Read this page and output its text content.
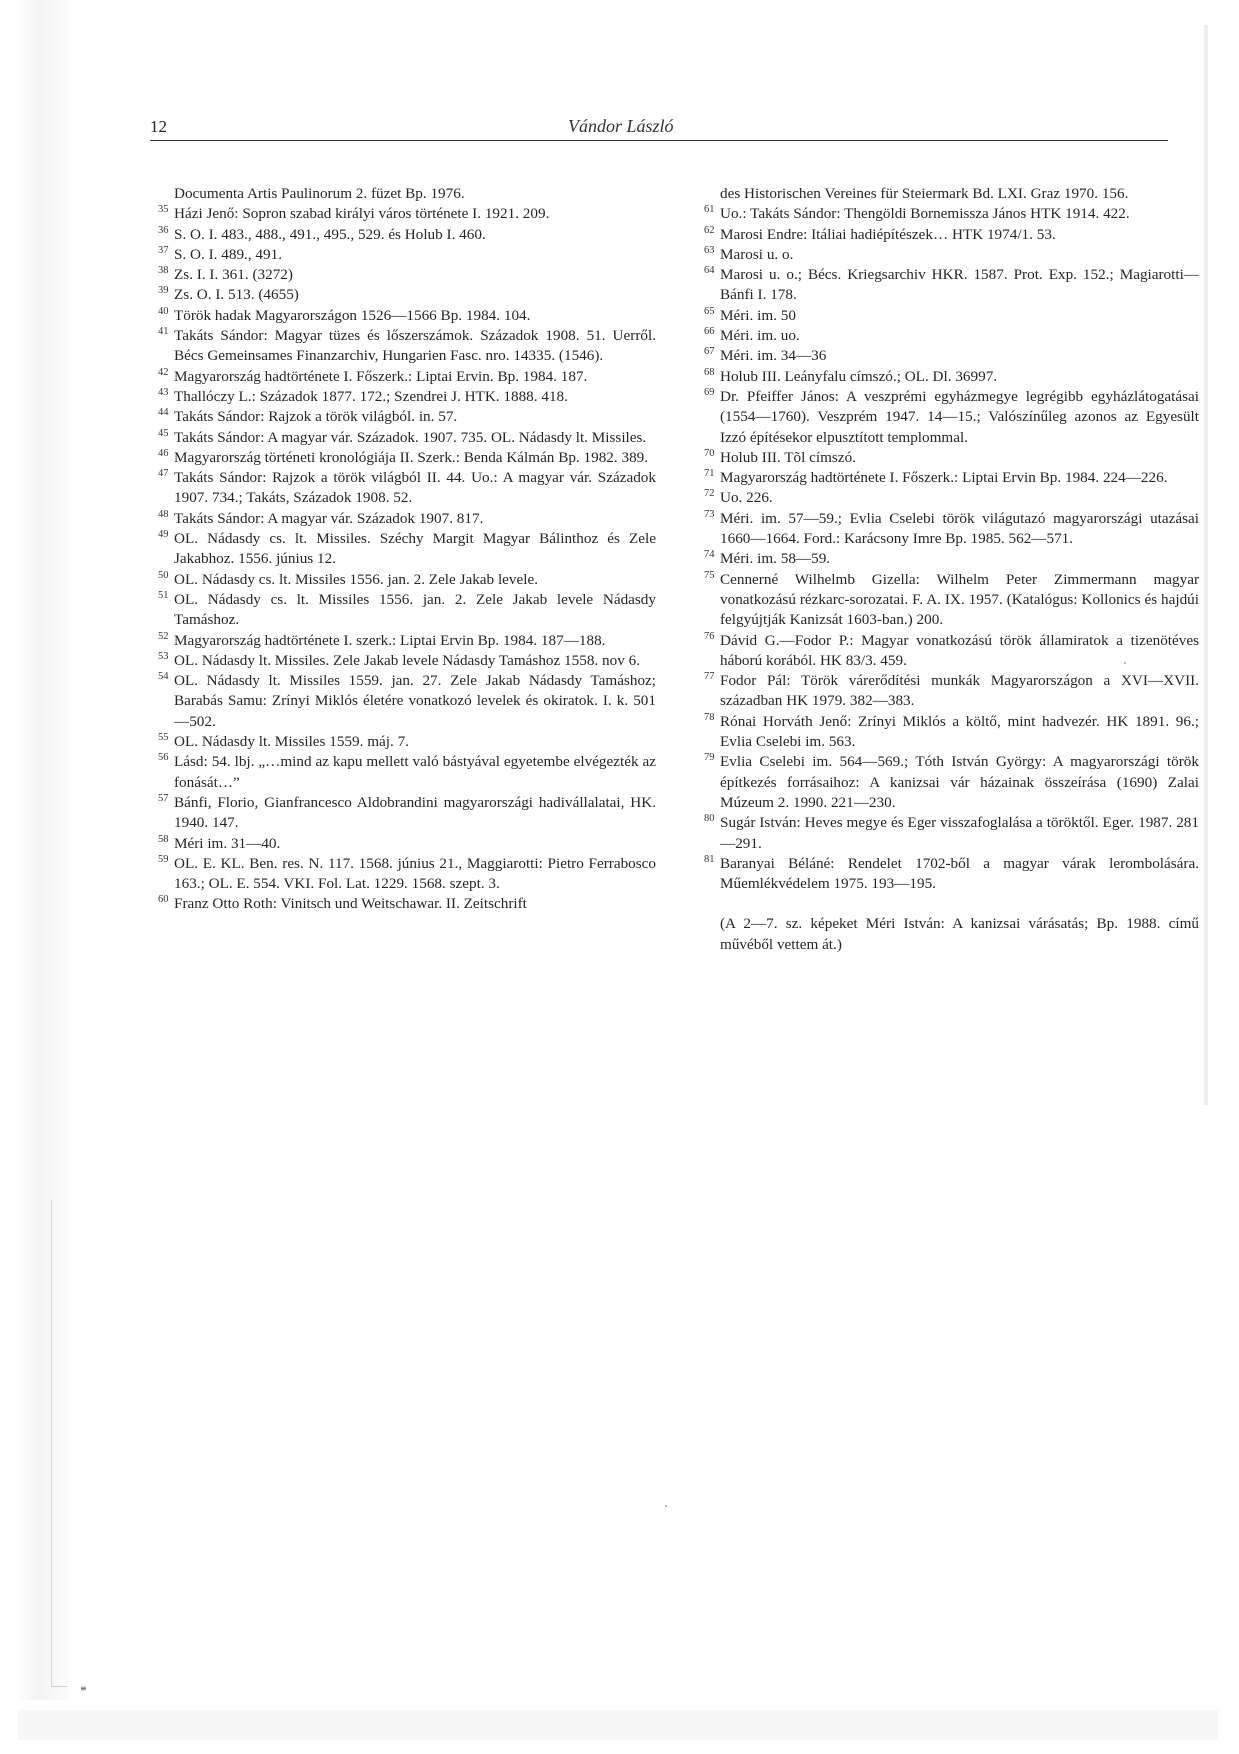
≡
12	Vándor László
Documenta Artis Paulinorum 2. füzet Bp. 1976.
35 Házi Jenő: Sopron szabad királyi város története I. 1921. 209.
36 S. O. I. 483., 488., 491., 495., 529. és Holub I. 460.
37 S. O. I. 489., 491.
38 Zs. I. I. 361. (3272)
39 Zs. O. I. 513. (4655)
40 Török hadak Magyarországon 1526—1566 Bp. 1984. 104.
41 Takáts Sándor: Magyar tüzes és lőszerszámok. Századok 1908. 51. Uerről. Bécs Gemeinsames Finanzarchiv, Hungarien Fasc. nro. 14335. (1546).
42 Magyarország hadtörténete I. Főszerk.: Liptai Ervin. Bp. 1984. 187.
43 Thallóczy L.: Századok 1877. 172.; Szendrei J. HTK. 1888. 418.
44 Takáts Sándor: Rajzok a török világból. in. 57.
45 Takáts Sándor: A magyar vár. Századok. 1907. 735. OL. Nádasdy lt. Missiles.
46 Magyarország történeti kronológiája II. Szerk.: Benda Kálmán Bp. 1982. 389.
47 Takáts Sándor: Rajzok a török világból II. 44. Uo.: A magyar vár. Századok 1907. 734.; Takáts, Századok 1908. 52.
48 Takáts Sándor: A magyar vár. Századok 1907. 817.
49 OL. Nádasdy cs. lt. Missiles. Széchy Margit Magyar Bálinthoz és Zele Jakabhoz. 1556. június 12.
50 OL. Nádasdy cs. lt. Missiles 1556. jan. 2. Zele Jakab levele.
51 OL. Nádasdy cs. lt. Missiles 1556. jan. 2. Zele Jakab levele Nádasdy Tamáshoz.
52 Magyarország hadtörténete I. szerk.: Liptai Ervin Bp. 1984. 187—188.
53 OL. Nádasdy lt. Missiles. Zele Jakab levele Nádasdy Tamáshoz 1558. nov 6.
54 OL. Nádasdy lt. Missiles 1559. jan. 27. Zele Jakab Nádasdy Tamáshoz; Barabás Samu: Zrínyi Miklós életére vonatkozó levelek és okiratok. I. k. 501—502.
55 OL. Nádasdy lt. Missiles 1559. máj. 7.
56 Lásd: 54. lbj. „…mind az kapu mellett való bástyával egyetembe elvégezték az fonását…”
57 Bánfi, Florio, Gianfrancesco Aldobrandini magyarországi hadivállalatai, HK. 1940. 147.
58 Méri im. 31—40.
59 OL. E. KL. Ben. res. N. 117. 1568. június 21., Maggiarotti: Pietro Ferrabosco 163.; OL. E. 554. VKI. Fol. Lat. 1229. 1568. szept. 3.
60 Franz Otto Roth: Vinitsch und Weitschawar. II. Zeitschrift
des Historischen Vereines für Steiermark Bd. LXI. Graz 1970. 156.
61 Uo.: Takáts Sándor: Thengöldi Bornemissza János HTK 1914. 422.
62 Marosi Endre: Itáliai hadiépítészek… HTK 1974/1. 53.
63 Marosi u. o.
64 Marosi u. o.; Bécs. Kriegsarchiv HKR. 1587. Prot. Exp. 152.; Magiarotti—Bánfi I. 178.
65 Méri. im. 50
66 Méri. im. uo.
67 Méri. im. 34—36
68 Holub III. Leányfalu címszó.; OL. Dl. 36997.
69 Dr. Pfeiffer János: A veszprémi egyházmegye legrégibb egyházlátogatásai (1554—1760). Veszprém 1947. 14—15.; Valószínűleg azonos az Egyesült Izzó építésekor elpusztított templommal.
70 Holub III. Tõl címszó.
71 Magyarország hadtörténete I. Főszerk.: Liptai Ervin Bp. 1984. 224—226.
72 Uo. 226.
73 Méri. im. 57—59.; Evlia Cselebi török világutazó magyarországi utazásai 1660—1664. Ford.: Karácsony Imre Bp. 1985. 562—571.
74 Méri. im. 58—59.
75 Cennerné Wilhelmb Gizella: Wilhelm Peter Zimmermann magyar vonatkozású rézkarc-sorozatai. F. A. IX. 1957. (Katalógus: Kollonics és hajdúi felgyújtják Kanizsát 1603-ban.) 200.
76 Dávid G.—Fodor P.: Magyar vonatkozású török államiratok a tizenötéves háború korából. HK 83/3. 459.
77 Fodor Pál: Török várerődítési munkák Magyarországon a XVI—XVII. században HK 1979. 382—383.
78 Rónai Horváth Jenő: Zrínyi Miklós a költő, mint hadvezér. HK 1891. 96.; Evlia Cselebi im. 563.
79 Evlia Cselebi im. 564—569.; Tóth István György: A magyarországi török építkezés forrásaihoz: A kanizsai vár házainak összeírása (1690) Zalai Múzeum 2. 1990. 221—230.
80 Sugár István: Heves megye és Eger visszafoglalása a töröktől. Eger. 1987. 281—291.
81 Baranyai Béláné: Rendelet 1702-ből a magyar várak lerombolására. Műemlékvédelem 1975. 193—195.
(A 2—7. sz. képeket Méri István: A kanizsai várásatás; Bp. 1988. című művéből vettem át.)
